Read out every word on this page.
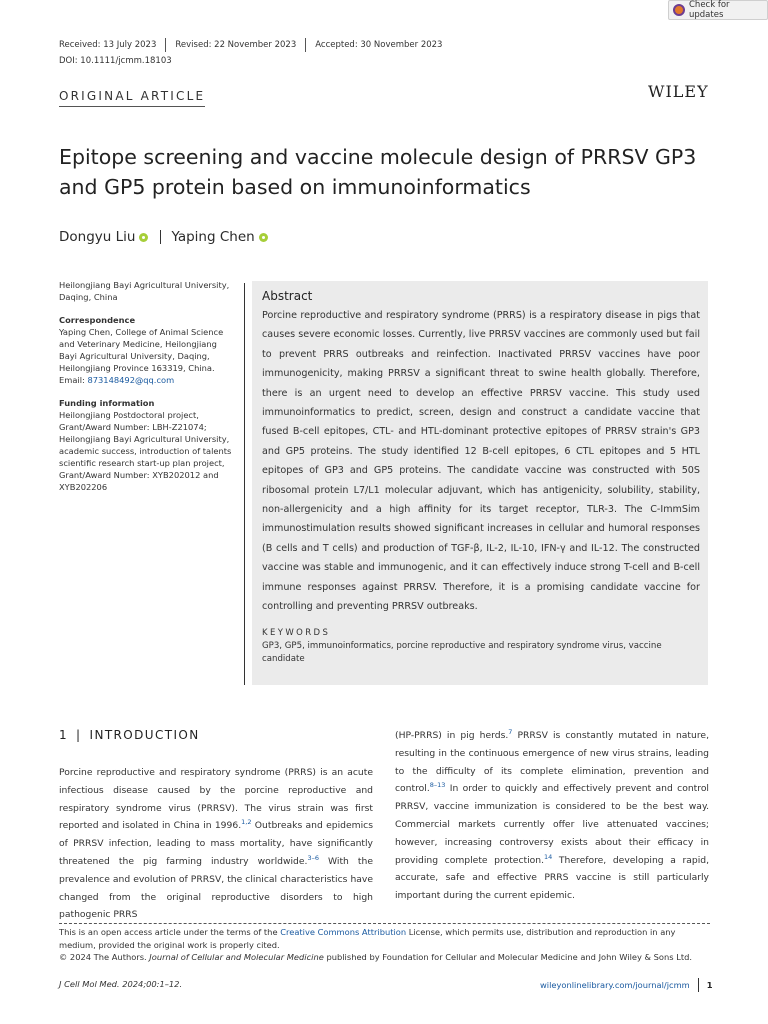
Check for updates
Received: 13 July 2023 Revised: 22 November 2023 Accepted: 30 November 2023
DOI: 10.1111/jcmm.18103
ORIGINAL ARTICLE	WILEY
Epitope screening and vaccine molecule design of PRRSV GP3 and GP5 protein based on immunoinformatics
Dongyu Liu	Yaping Chen
Heilongjiang Bayi Agricultural University, Daqing, China
Correspondence
Yaping Chen, College of Animal Science and Veterinary Medicine, Heilongjiang Bayi Agricultural University, Daqing, Heilongjiang Province 163319, China.
Email: 873148492@qq.com
Funding information
Heilongjiang Postdoctoral project, Grant/Award Number: LBH-Z21074; Heilongjiang Bayi Agricultural University, academic success, introduction of talents scientific research start-up plan project, Grant/Award Number: XYB202012 and XYB202206
Abstract

Porcine reproductive and respiratory syndrome (PRRS) is a respiratory disease in pigs that causes severe economic losses. Currently, live PRRSV vaccines are commonly used but fail to prevent PRRS outbreaks and reinfection. Inactivated PRRSV vaccines have poor immunogenicity, making PRRSV a significant threat to swine health globally. Therefore, there is an urgent need to develop an effective PRRSV vaccine. This study used immunoinformatics to predict, screen, design and construct a candidate vaccine that fused B-cell epitopes, CTL- and HTL-dominant protective epitopes of PRRSV strain's GP3 and GP5 proteins. The study identified 12 B-cell epitopes, 6 CTL epitopes and 5 HTL epitopes of GP3 and GP5 proteins. The candidate vaccine was constructed with 50S ribosomal protein L7/L1 molecular adjuvant, which has antigenicity, solubility, stability, non-allergenicity and a high affinity for its target receptor, TLR-3. The C-ImmSim immunostimulation results showed significant increases in cellular and humoral responses (B cells and T cells) and production of TGF-β, IL-2, IL-10, IFN-γ and IL-12. The constructed vaccine was stable and immunogenic, and it can effectively induce strong T-cell and B-cell immune responses against PRRSV. Therefore, it is a promising candidate vaccine for controlling and preventing PRRSV outbreaks.

KEYWORDS
GP3, GP5, immunoinformatics, porcine reproductive and respiratory syndrome virus, vaccine candidate
1 | INTRODUCTION
Porcine reproductive and respiratory syndrome (PRRS) is an acute infectious disease caused by the porcine reproductive and respiratory syndrome virus (PRRSV). The virus strain was first reported and isolated in China in 1996.$^{1,2}$ Outbreaks and epidemics of PRRSV infection, leading to mass mortality, have significantly threatened the pig farming industry worldwide.$^{3-6}$ With the prevalence and evolution of PRRSV, the clinical characteristics have changed from the original reproductive disorders to high pathogenic PRRS
(HP-PRRS) in pig herds.$^7$ PRRSV is constantly mutated in nature, resulting in the continuous emergence of new virus strains, leading to the difficulty of its complete elimination, prevention and control.$^{8-13}$ In order to quickly and effectively prevent and control PRRSV, vaccine immunization is considered to be the best way. Commercial markets currently offer live attenuated vaccines; however, increasing controversy exists about their efficacy in providing complete protection.$^{14}$ Therefore, developing a rapid, accurate, safe and effective PRRS vaccine is still particularly important during the current epidemic.
This is an open access article under the terms of the Creative Commons Attribution License, which permits use, distribution and reproduction in any medium, provided the original work is properly cited.
© 2024 The Authors. Journal of Cellular and Molecular Medicine published by Foundation for Cellular and Molecular Medicine and John Wiley & Sons Ltd.
J Cell Mol Med. 2024;00:1–12.	wileyonlinelibrary.com/journal/jcmm 1
